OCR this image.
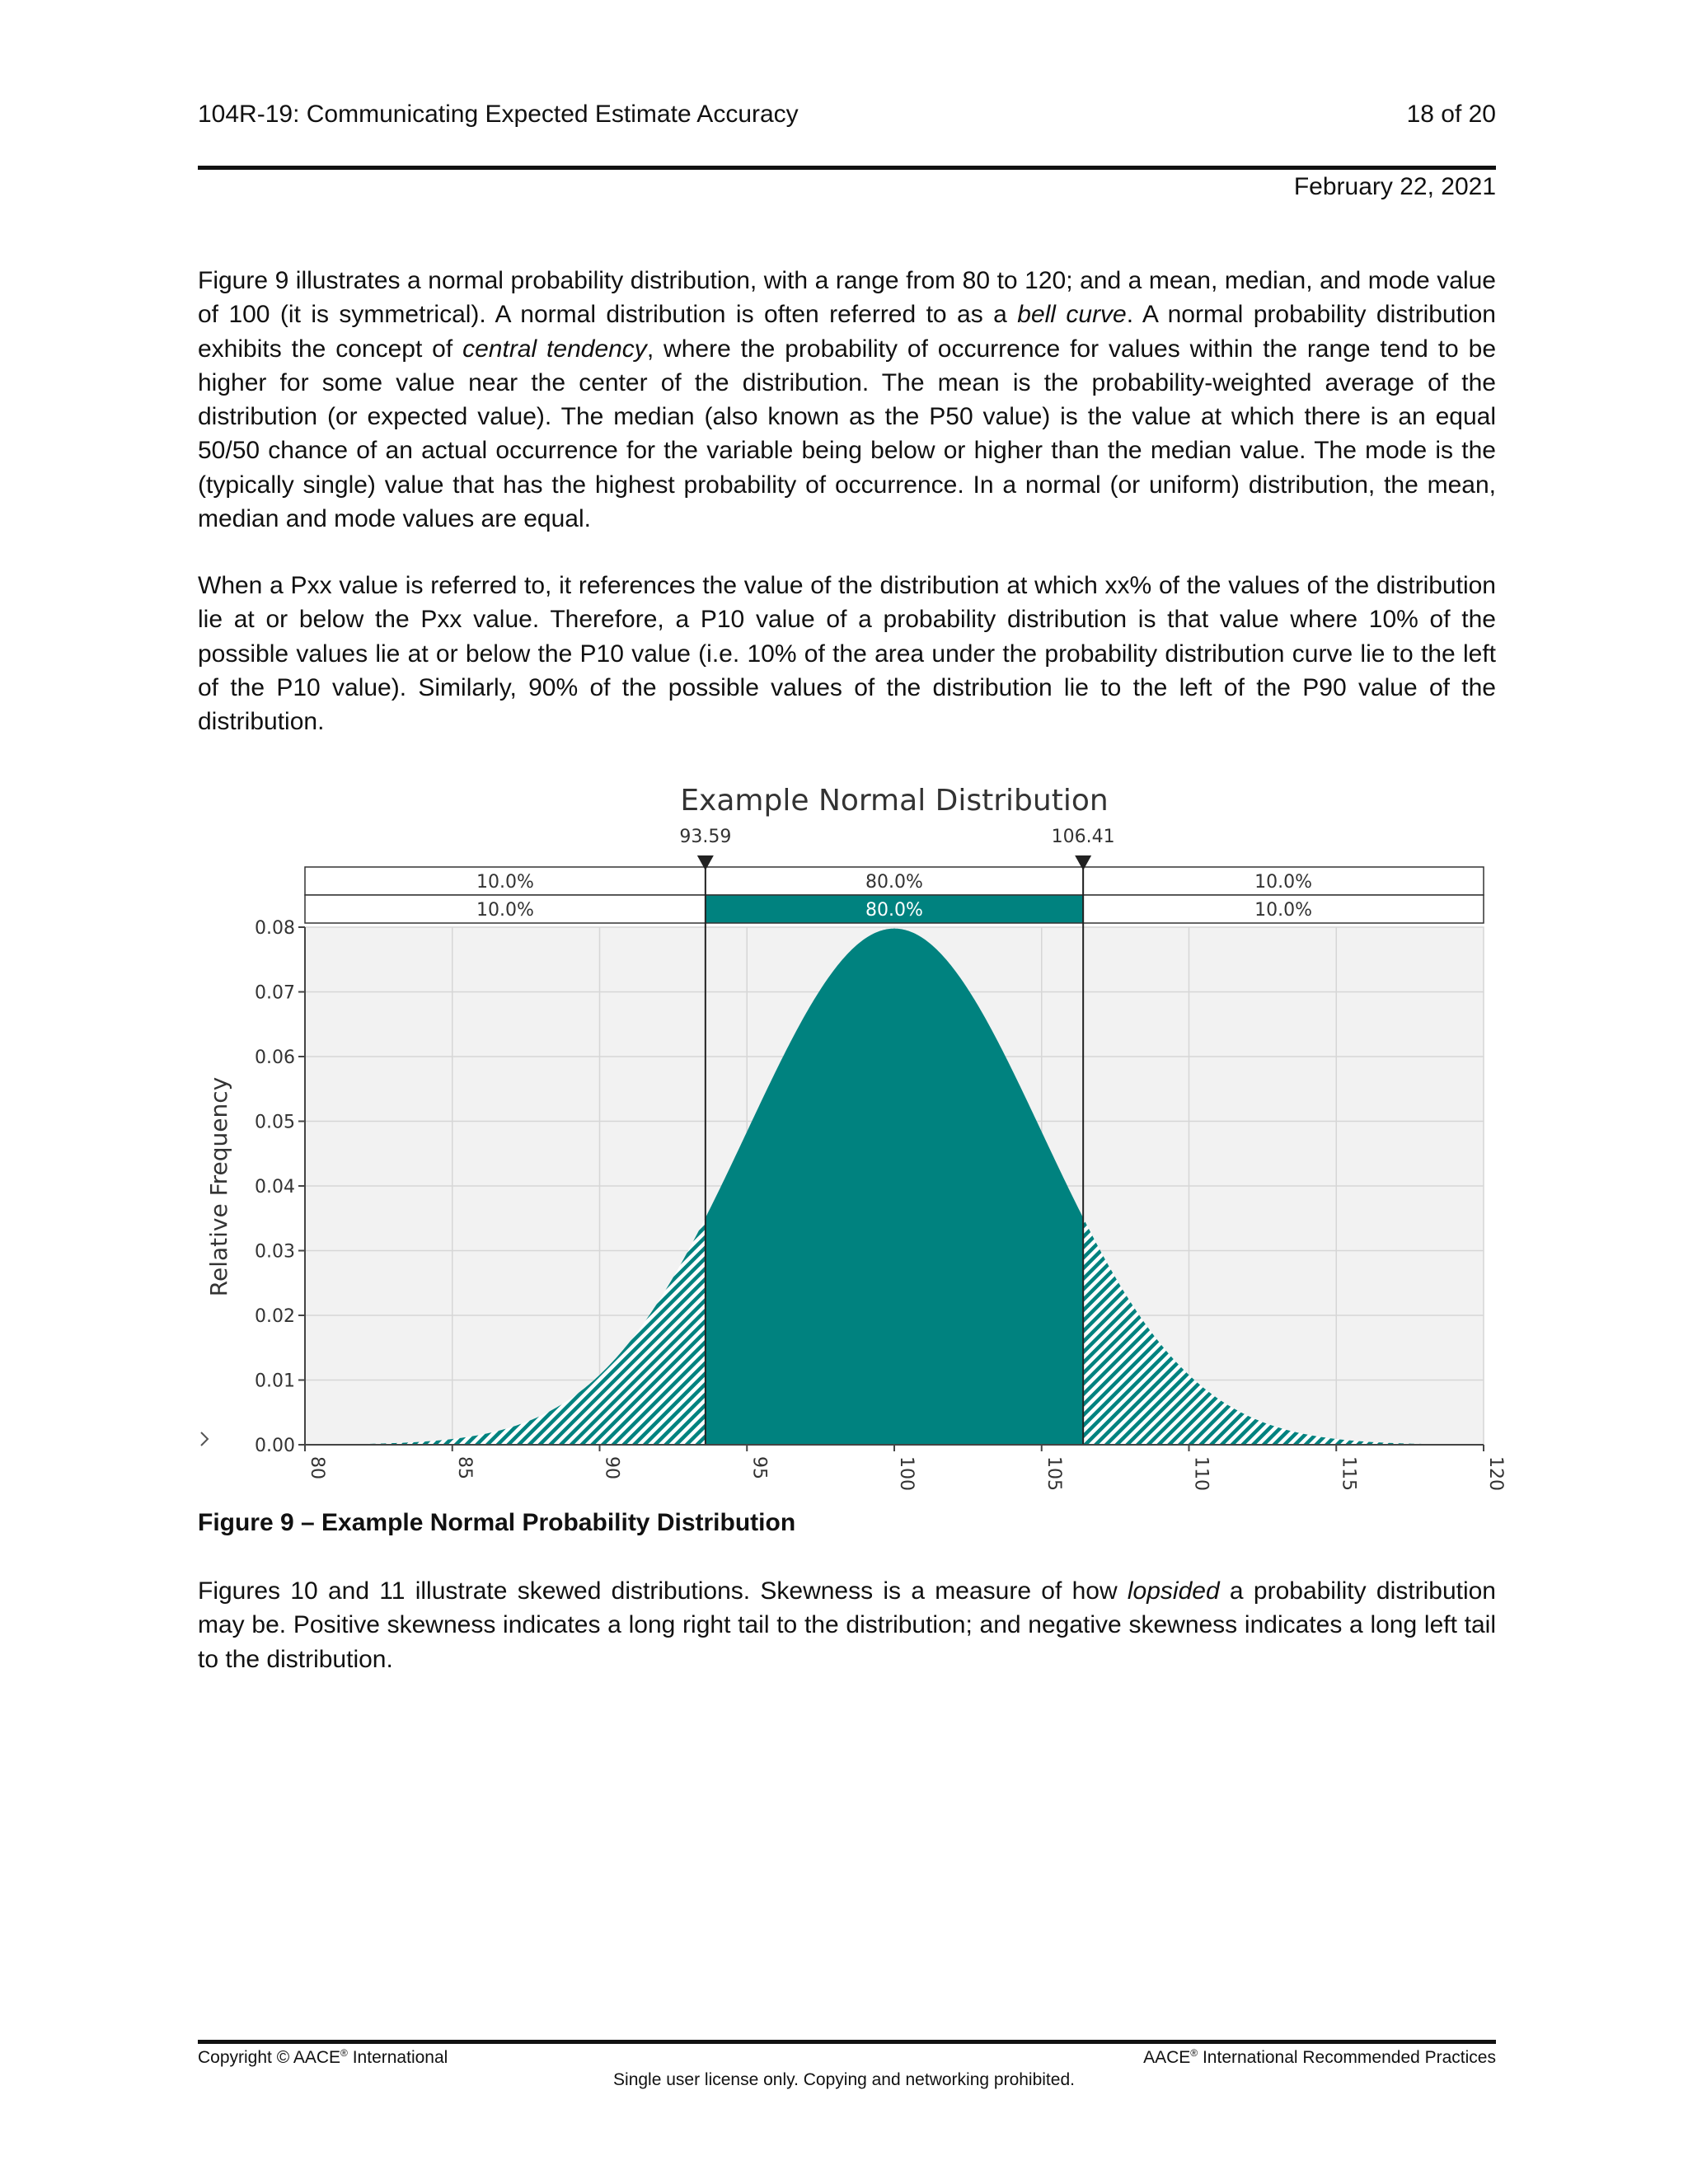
104R-19: Communicating Expected Estimate Accuracy	18 of 20
February 22, 2021

Figure 9 illustrates a normal probability distribution, with a range from 80 to 120; and a mean, median, and mode value of 100 (it is symmetrical). A normal distribution is often referred to as a bell curve. A normal probability distribution exhibits the concept of central tendency, where the probability of occurrence for values within the range tend to be higher for some value near the center of the distribution. The mean is the probability-weighted average of the distribution (or expected value). The median (also known as the P50 value) is the value at which there is an equal 50/50 chance of an actual occurrence for the variable being below or higher than the median value. The mode is the (typically single) value that has the highest probability of occurrence. In a normal (or uniform) distribution, the mean, median and mode values are equal.

When a Pxx value is referred to, it references the value of the distribution at which xx% of the values of the distribution lie at or below the Pxx value. Therefore, a P10 value of a probability distribution is that value where 10% of the possible values lie at or below the P10 value (i.e. 10% of the area under the probability distribution curve lie to the left of the P10 value). Similarly, 90% of the possible values of the distribution lie to the left of the P90 value of the distribution.

Example Normal Distribution
10.0%	80.0%	10.0%
10.0%	80.0%	10.0%
93.59	106.41
0.00
0.01
0.02
0.03
0.04
0.05
0.06
0.07
0.08
80	85	90	95	100	105	110	115	120
Relative Frequency
Figure 9 – Example Normal Probability Distribution

Figures 10 and 11 illustrate skewed distributions. Skewness is a measure of how lopsided a probability distribution may be. Positive skewness indicates a long right tail to the distribution; and negative skewness indicates a long left tail to the distribution.

Copyright © AACE® International	AACE® International Recommended Practices
Single user license only. Copying and networking prohibited.
